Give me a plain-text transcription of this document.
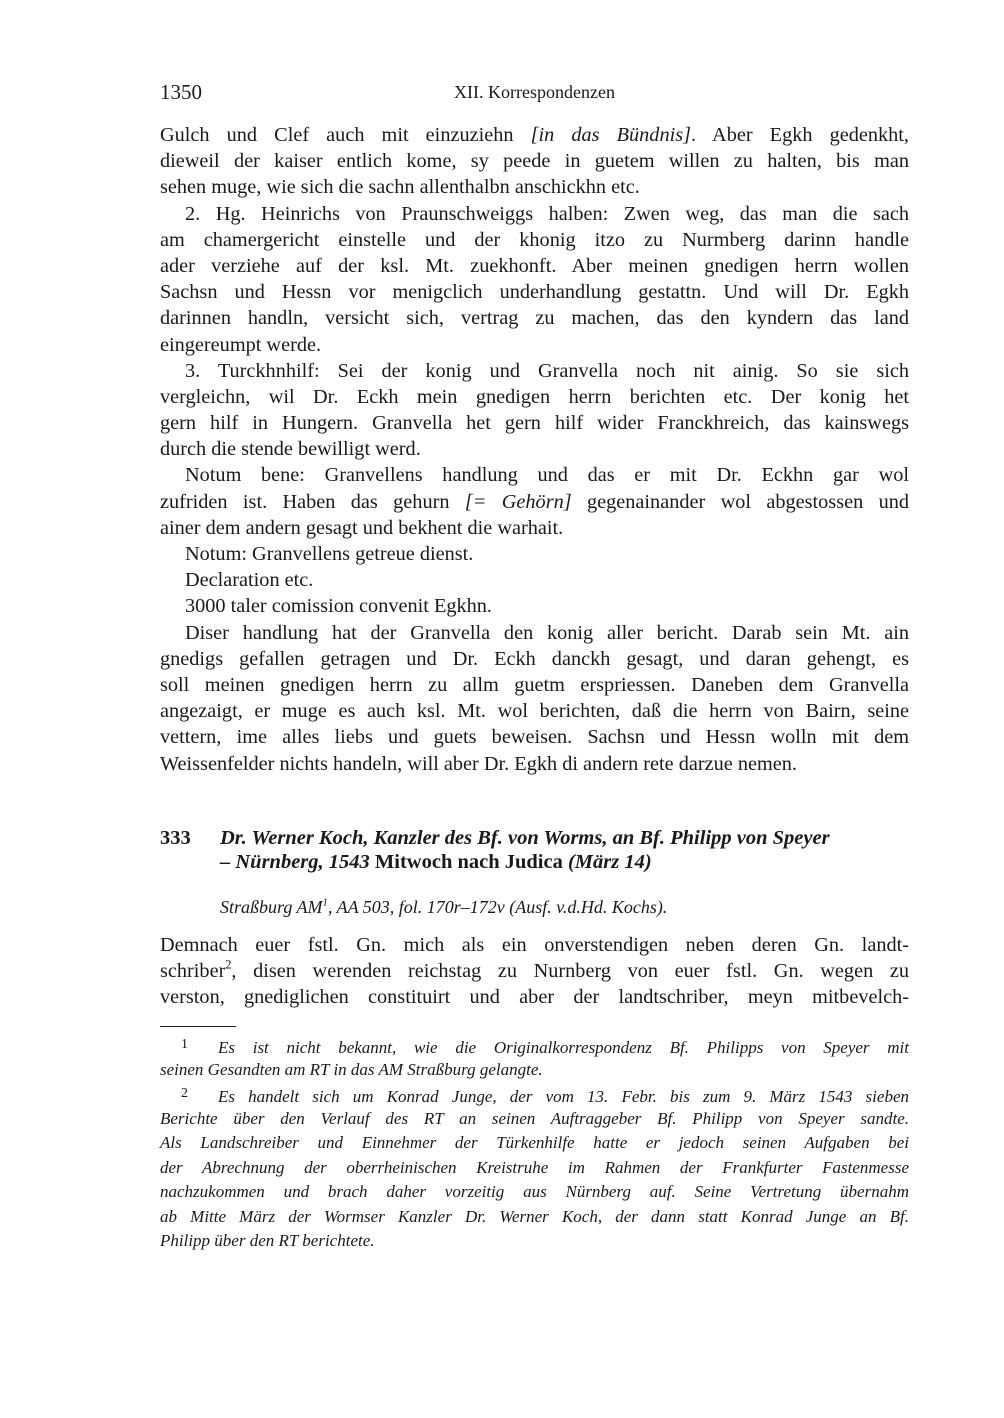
1350	XII. Korrespondenzen
Gulch und Clef auch mit einzuziehn [in das Bündnis]. Aber Egkh gedenkht,
dieweil der kaiser entlich kome, sy peede in guetem willen zu halten, bis man
sehen muge, wie sich die sachn allenthalbn anschickhn etc.
2. Hg. Heinrichs von Praunschweiggs halben: Zwen weg, das man die sach
am chamergericht einstelle und der khonig itzo zu Nurmberg darinn handle
ader verziehe auf der ksl. Mt. zuekhonft. Aber meinen gnedigen herrn wollen
Sachsn und Hessn vor menigclich underhandlung gestattn. Und will Dr. Egkh
darinnen handln, versicht sich, vertrag zu machen, das den kyndern das land
eingereumpt werde.
3. Turckhnhilf: Sei der konig und Granvella noch nit ainig. So sie sich
vergleichn, wil Dr. Eckh mein gnedigen herrn berichten etc. Der konig het
gern hilf in Hungern. Granvella het gern hilf wider Franckhreich, das kainswegs
durch die stende bewilligt werd.
Notum bene: Granvellens handlung und das er mit Dr. Eckhn gar wol
zufriden ist. Haben das gehurn [= Gehörn] gegenainander wol abgestossen und
ainer dem andern gesagt und bekhent die warhait.
Notum: Granvellens getreue dienst.
Declaration etc.
3000 taler comission convenit Egkhn.
Diser handlung hat der Granvella den konig aller bericht. Darab sein Mt. ain
gnedigs gefallen getragen und Dr. Eckh danckh gesagt, und daran gehengt, es
soll meinen gnedigen herrn zu allm guetm erspriessen. Daneben dem Granvella
angezaigt, er muge es auch ksl. Mt. wol berichten, daß die herrn von Bairn, seine
vettern, ime alles liebs und guets beweisen. Sachsn und Hessn wolln mit dem
Weissenfelder nichts handeln, will aber Dr. Egkh di andern rete darzue nemen.
333 Dr. Werner Koch, Kanzler des Bf. von Worms, an Bf. Philipp von Speyer
– Nürnberg, 1543 Mitwoch nach Judica (März 14)
Straßburg $AM^1$, AA 503, fol. 170r–172v (Ausf. v.d.Hd. Kochs).
Demnach euer fstl. Gn. mich als ein onverstendigen neben deren Gn. landt-
schriber$^2$, disen werenden reichstag zu Nurnberg von euer fstl. Gn. wegen zu
verston, gnediglichen constituirt und aber der landtschriber, meyn mitbevelch-
1 Es ist nicht bekannt, wie die Originalkorrespondenz Bf. Philipps von Speyer mit
seinen Gesandten am RT in das AM Straßburg gelangte.
2 Es handelt sich um Konrad Junge, der vom 13. Febr. bis zum 9. März 1543 sieben
Berichte über den Verlauf des RT an seinen Auftraggeber Bf. Philipp von Speyer sandte.
Als Landschreiber und Einnehmer der Türkenhilfe hatte er jedoch seinen Aufgaben bei
der Abrechnung der oberrheinischen Kreistruhe im Rahmen der Frankfurter Fastenmesse
nachzukommen und brach daher vorzeitig aus Nürnberg auf. Seine Vertretung übernahm
ab Mitte März der Wormser Kanzler Dr. Werner Koch, der dann statt Konrad Junge an Bf.
Philipp über den RT berichtete.
